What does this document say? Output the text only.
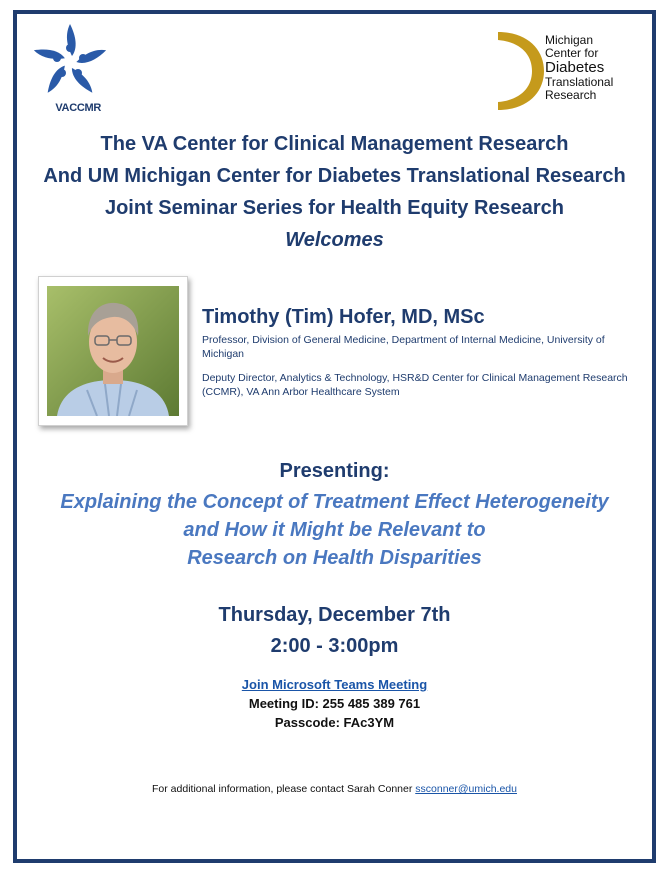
VACCMR
Michigan
Center for
Diabetes
Translational
Research
The VA Center for Clinical Management Research
And UM Michigan Center for Diabetes Translational Research
Joint Seminar Series for Health Equity Research
Welcomes
Timothy (Tim) Hofer, MD, MSc
Professor, Division of General Medicine, Department of Internal Medicine, University of Michigan
Deputy Director, Analytics & Technology, HSR&D Center for Clinical Management Research (CCMR), VA Ann Arbor Healthcare System
Presenting:
Explaining the Concept of Treatment Effect Heterogeneity
and How it Might be Relevant to
Research on Health Disparities
Thursday, December 7th
2:00 - 3:00pm
Join Microsoft Teams Meeting
Meeting ID: 255 485 389 761
Passcode: FAc3YM
For additional information, please contact Sarah Conner ssconner@umich.edu
